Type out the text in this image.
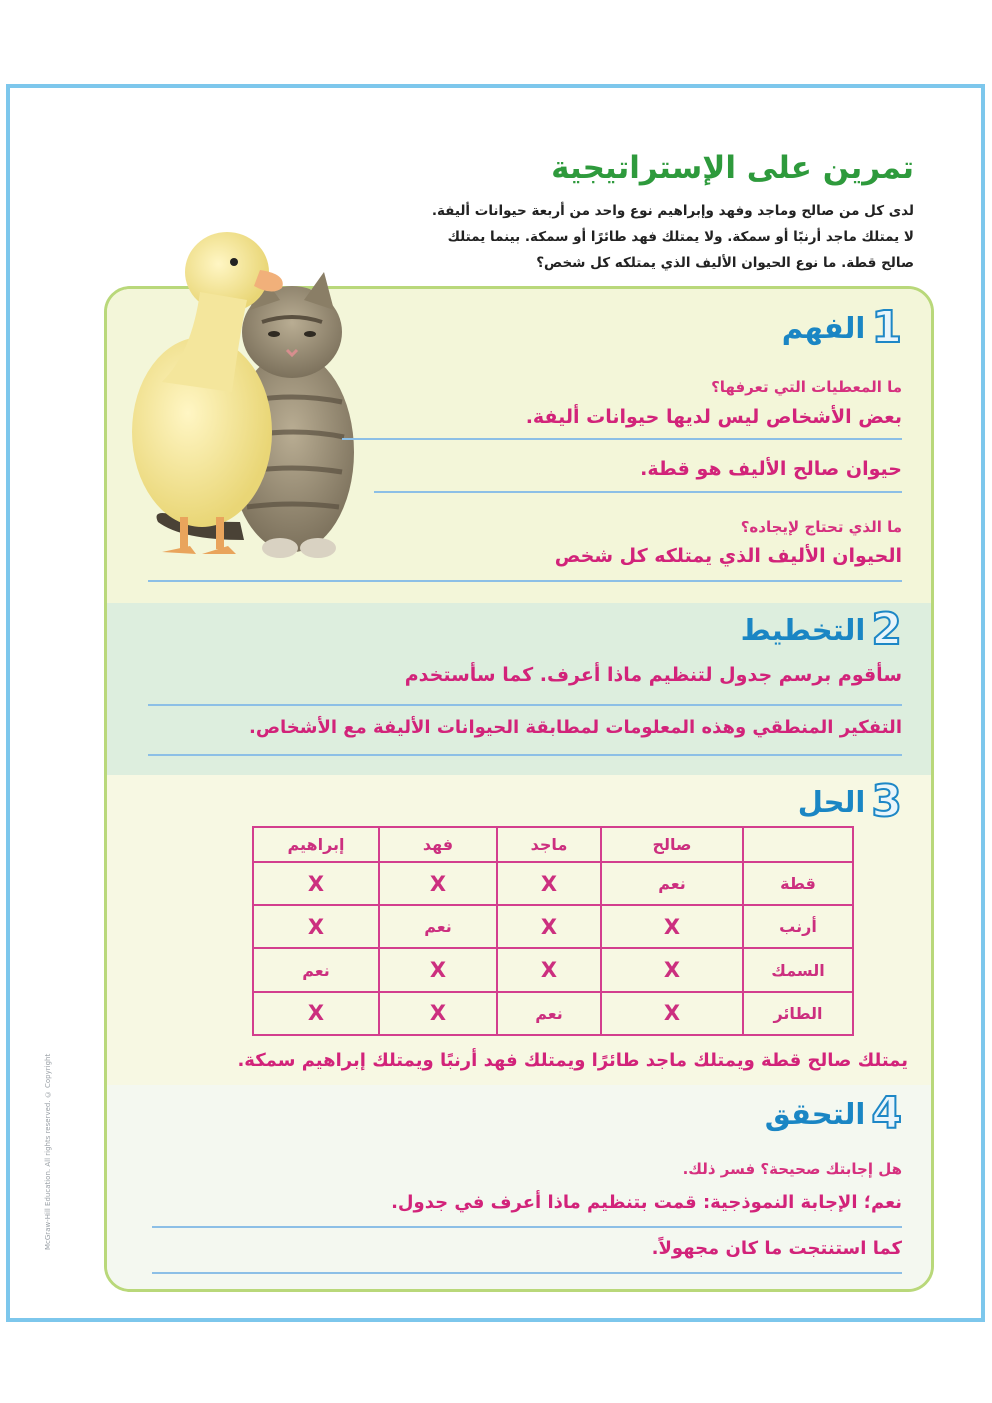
تمرين على الإستراتيجية

لدى كل من صالح وماجد وفهد وإبراهيم نوع واحد من أربعة حيوانات أليفة.

لا يمتلك ماجد أرنبًا أو سمكة. ولا يمتلك فهد طائرًا أو سمكة. بينما يمتلك

صالح قطة. ما نوع الحيوان الأليف الذي يمتلكه كل شخص؟

1
الفهم

ما المعطيات التي تعرفها؟

بعض الأشخاص ليس لديها حيوانات أليفة.

حيوان صالح الأليف هو قطة.

ما الذي تحتاج لإيجاده؟

الحيوان الأليف الذي يمتلكه كل شخص

2
التخطيط

سأقوم برسم جدول لتنظيم ماذا أعرف. كما سأستخدم

التفكير المنطقي وهذه المعلومات لمطابقة الحيوانات الأليفة مع الأشخاص.

3
الحل
	صالح	ماجد	فهد	إبراهيم
قطة	نعم	X	X	X
أرنب	X	X	نعم	X
السمك	X	X	X	نعم
الطائر	X	نعم	X	X

يمتلك صالح قطة ويمتلك ماجد طائرًا ويمتلك فهد أرنبًا ويمتلك إبراهيم سمكة.

4
التحقق

هل إجابتك صحيحة؟ فسر ذلك.

نعم؛ الإجابة النموذجية: قمت بتنظيم ماذا أعرف في جدول.

كما استنتجت ما كان مجهولاً.

McGraw-Hill Education. All rights reserved. © Copyright
